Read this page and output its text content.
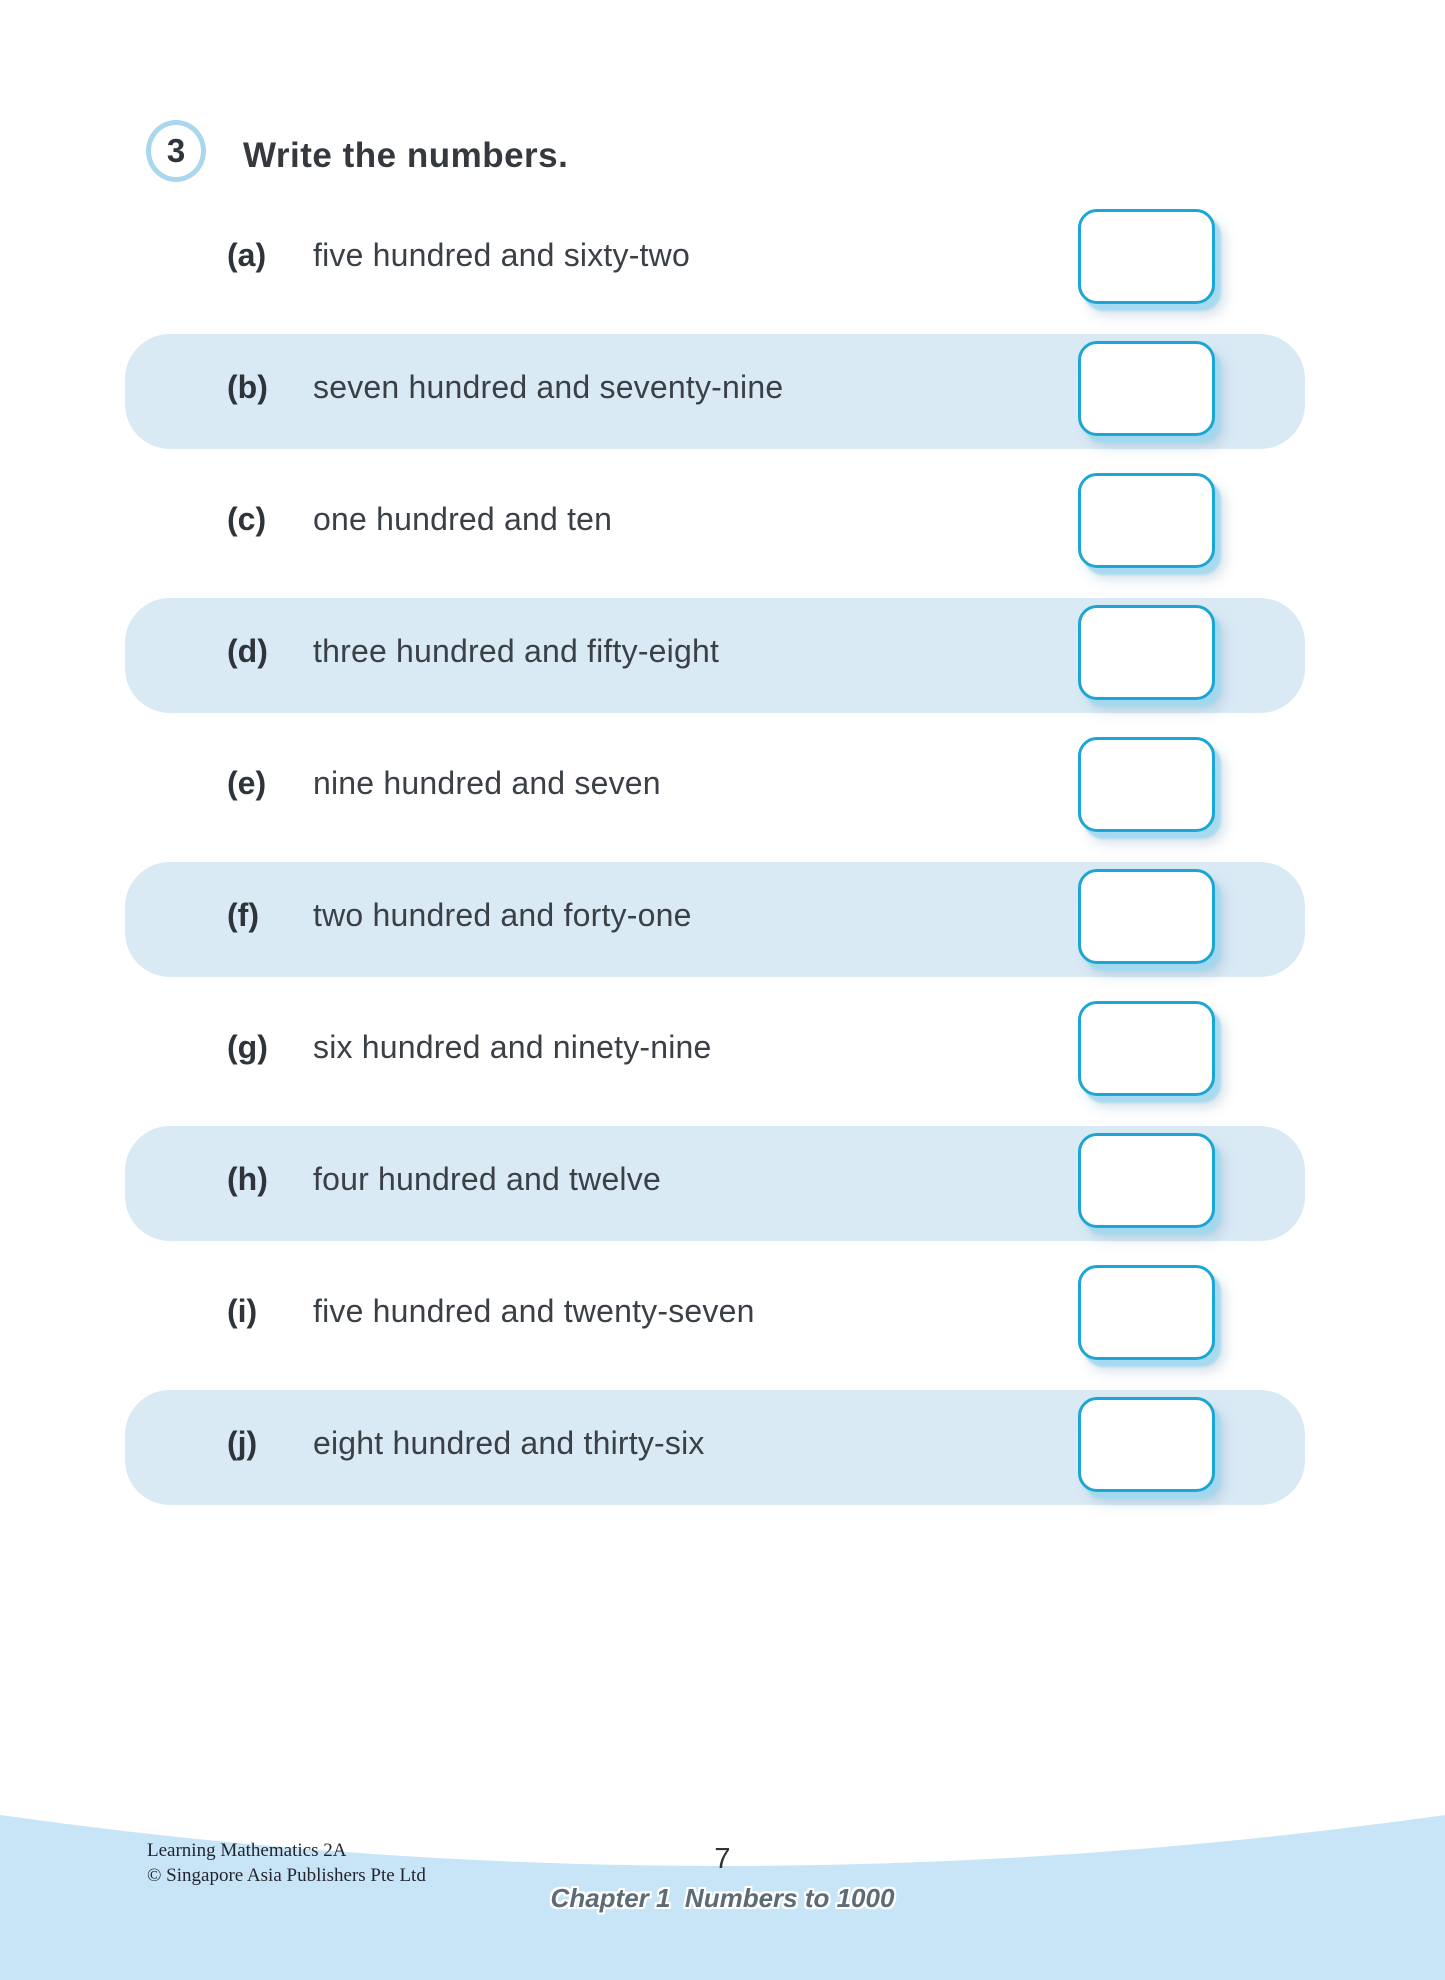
3 Write the numbers.
(a)	five hundred and sixty-two
(b)	seven hundred and seventy-nine
(c)	one hundred and ten
(d)	three hundred and fifty-eight
(e)	nine hundred and seven
(f)	two hundred and forty-one
(g)	six hundred and ninety-nine
(h)	four hundred and twelve
(i)	five hundred and twenty-seven
(j)	eight hundred and thirty-six
Learning Mathematics 2A
© Singapore Asia Publishers Pte Ltd
7
Chapter 1  Numbers to 1000
